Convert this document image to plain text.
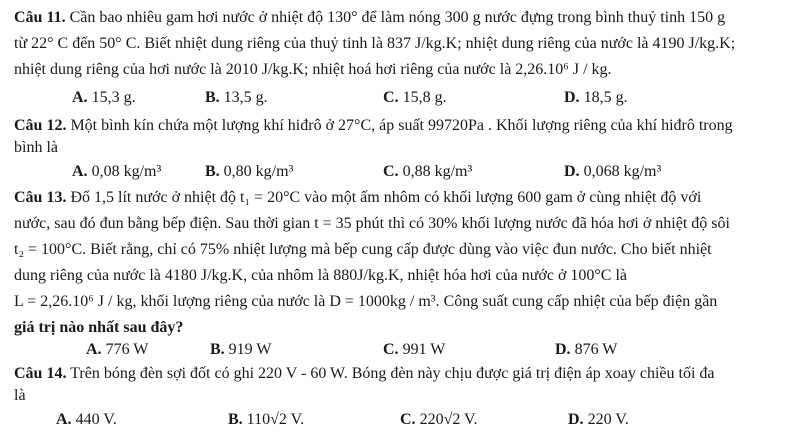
Câu 11. Cần bao nhiêu gam hơi nước ở nhiệt độ 130° để làm nóng 300 g nước đựng trong bình thuỷ tinh 150 g
từ 22° C đến 50° C. Biết nhiệt dung riêng của thuỷ tinh là 837 J/kg.K; nhiệt dung riêng của nước là 4190 J/kg.K;
nhiệt dung riêng của hơi nước là 2010 J/kg.K; nhiệt hoá hơi riêng của nước là 2,26.10⁶ J / kg.
A. 15,3 g.	B. 13,5 g.	C. 15,8 g.	D. 18,5 g.
Câu 12. Một bình kín chứa một lượng khí hiđrô ở 27°C, áp suất 99720Pa . Khối lượng riêng của khí hiđrô trong
bình là
A. 0,08 kg/m³	B. 0,80 kg/m³	C. 0,88 kg/m³	D. 0,068 kg/m³
Câu 13. Đổ 1,5 lít nước ở nhiệt độ t₁ = 20°C vào một ấm nhôm có khối lượng 600 gam ở cùng nhiệt độ với
nước, sau đó đun bằng bếp điện. Sau thời gian t = 35 phút thì có 30% khối lượng nước đã hóa hơi ở nhiệt độ sôi
t₂ = 100°C. Biết rằng, chỉ có 75% nhiệt lượng mà bếp cung cấp được dùng vào việc đun nước. Cho biết nhiệt
dung riêng của nước là 4180 J/kg.K, của nhôm là 880J/kg.K, nhiệt hóa hơi của nước ở 100°C là
L = 2,26.10⁶ J / kg, khối lượng riêng của nước là D = 1000kg / m³. Công suất cung cấp nhiệt của bếp điện gần
giá trị nào nhất sau đây?
A. 776 W	B. 919 W	C. 991 W	D. 876 W
Câu 14. Trên bóng đèn sợi đốt có ghi 220 V - 60 W. Bóng đèn này chịu được giá trị điện áp xoay chiều tối đa
là
A. 440 V.	B. 110√2 V.	C. 220√2 V.	D. 220 V.
